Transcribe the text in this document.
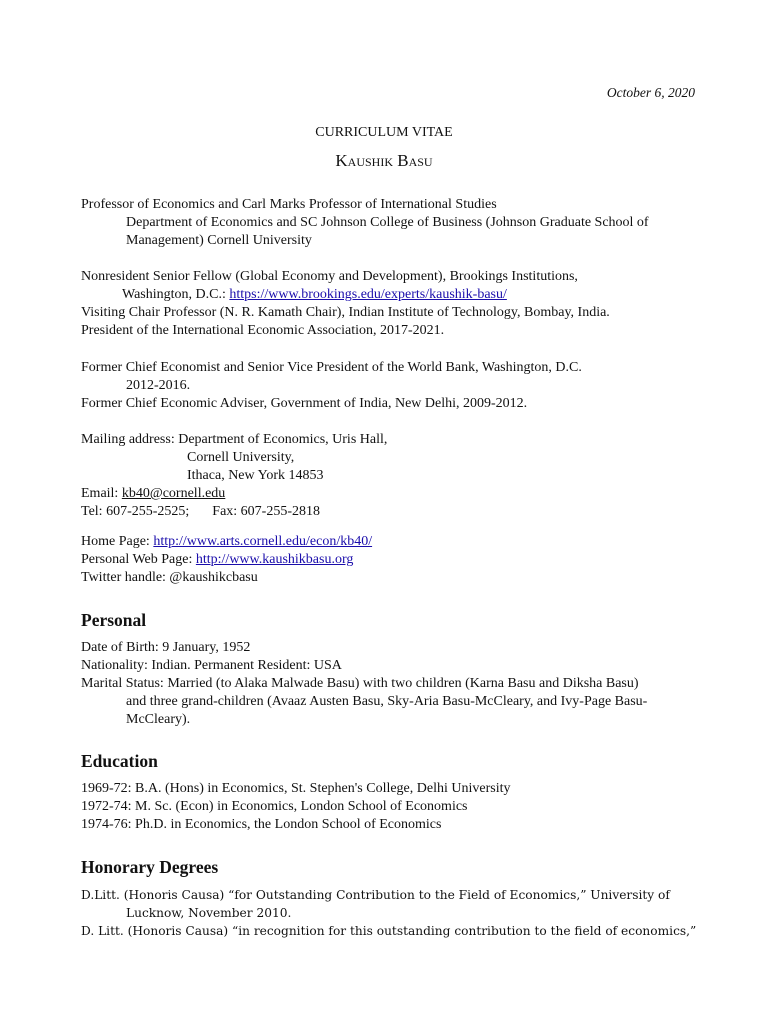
October 6, 2020
CURRICULUM VITAE
Kaushik Basu
Professor of Economics and Carl Marks Professor of International Studies
Department of Economics and SC Johnson College of Business (Johnson Graduate School of
Management) Cornell University
Nonresident Senior Fellow (Global Economy and Development), Brookings Institutions,
Washington, D.C.: https://www.brookings.edu/experts/kaushik-basu/
Visiting Chair Professor (N. R. Kamath Chair), Indian Institute of Technology, Bombay, India.
President of the International Economic Association, 2017-2021.
Former Chief Economist and Senior Vice President of the World Bank, Washington, D.C.
2012-2016.
Former Chief Economic Adviser, Government of India, New Delhi, 2009-2012.
Mailing address: Department of Economics, Uris Hall,
Cornell University,
Ithaca, New York 14853
Email: kb40@cornell.edu
Tel: 607-255-2525; Fax: 607-255-2818
Home Page: http://www.arts.cornell.edu/econ/kb40/
Personal Web Page: http://www.kaushikbasu.org
Twitter handle: @kaushikcbasu
Personal
Date of Birth: 9 January, 1952
Nationality: Indian. Permanent Resident: USA
Marital Status: Married (to Alaka Malwade Basu) with two children (Karna Basu and Diksha Basu)
and three grand-children (Avaaz Austen Basu, Sky-Aria Basu-McCleary, and Ivy-Page Basu-
McCleary).
Education
1969-72: B.A. (Hons) in Economics, St. Stephen's College, Delhi University
1972-74: M. Sc. (Econ) in Economics, London School of Economics
1974-76: Ph.D. in Economics, the London School of Economics
Honorary Degrees
D.Litt. (Honoris Causa) “for Outstanding Contribution to the Field of Economics,” University of
Lucknow, November 2010.
D. Litt. (Honoris Causa) “in recognition for this outstanding contribution to the field of economics,”
